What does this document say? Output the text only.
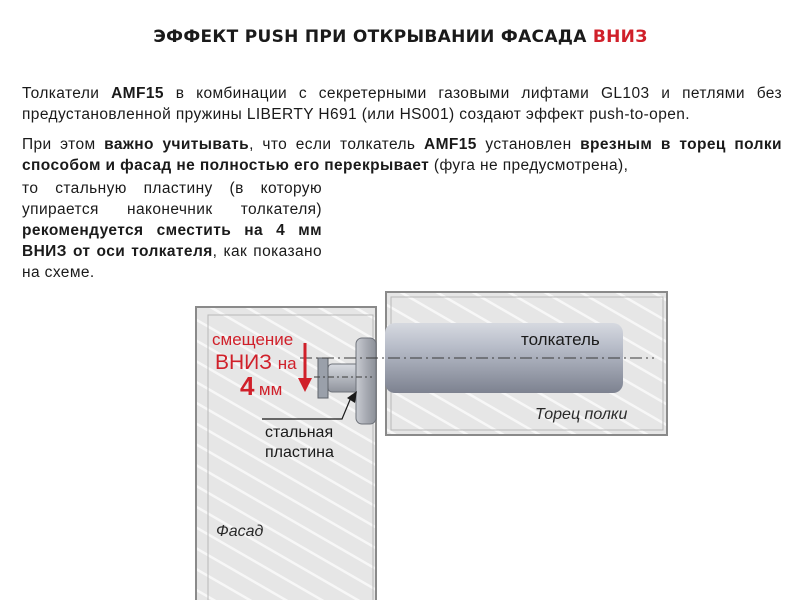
ЭФФЕКТ PUSH ПРИ ОТКРЫВАНИИ ФАСАДА ВНИЗ
Толкатели AMF15 в комбинации с секретерными газовыми лифтами GL103 и петлями без предустановленной пружины LIBERTY H691 (или HS001) создают эффект push-to-open.
При этом важно учитывать, что если толкатель AMF15 установлен врезным в торец полки способом и фасад не полностью его перекрывает (фуга не предусмотрена),
то стальную пластину (в которую упирается наконечник толкателя) рекомендуется сместить на 4 мм ВНИЗ от оси толкателя, как показано на схеме.
смещение
ВНИЗ на
4 мм
толкатель
Торец полки
стальная
пластина
Фасад
